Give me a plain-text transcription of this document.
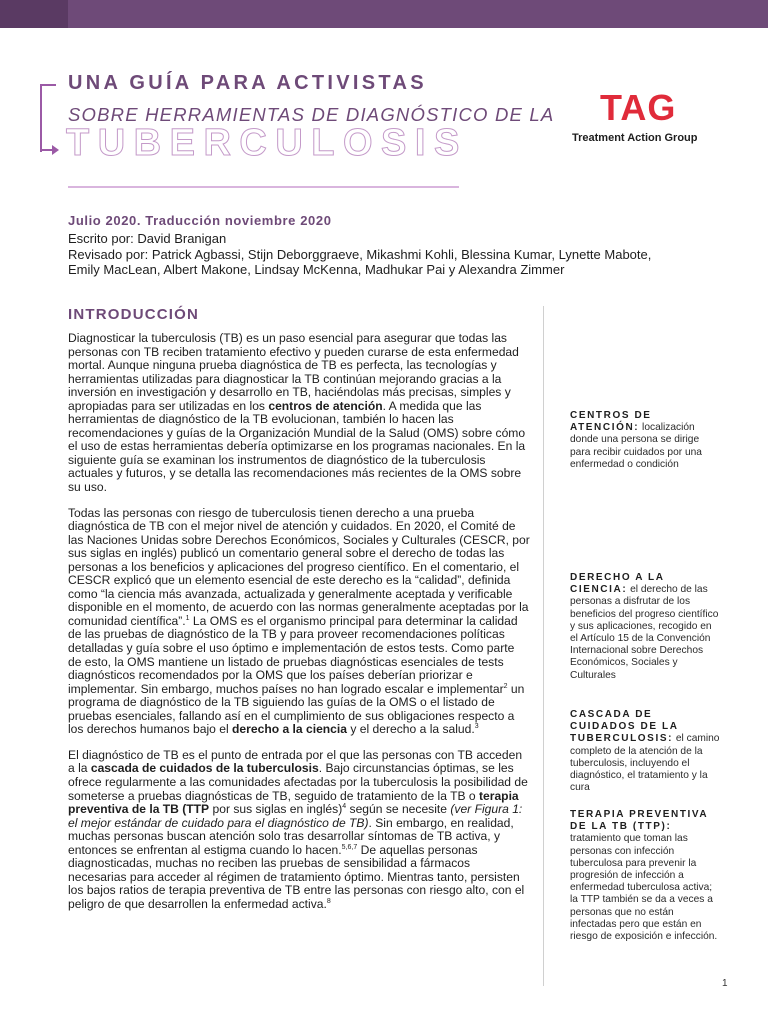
UNA GUÍA PARA ACTIVISTAS
SOBRE HERRAMIENTAS DE DIAGNÓSTICO DE LA
TUBERCULOSIS
TAG
Treatment Action Group
Julio 2020. Traducción noviembre 2020
Escrito por: David Branigan
Revisado por: Patrick Agbassi, Stijn Deborggraeve, Mikashmi Kohli, Blessina Kumar, Lynette Mabote,
Emily MacLean, Albert Makone, Lindsay McKenna, Madhukar Pai y Alexandra Zimmer
INTRODUCCIÓN

Diagnosticar la tuberculosis (TB) es un paso esencial para asegurar que todas las personas con TB reciben tratamiento efectivo y pueden curarse de esta enfermedad mortal. Aunque ninguna prueba diagnóstica de TB es perfecta, las tecnologías y herramientas utilizadas para diagnosticar la TB continúan mejorando gracias a la inversión en investigación y desarrollo en TB, haciéndolas más precisas, simples y apropiadas para ser utilizadas en los centros de atención. A medida que las herramientas de diagnóstico de la TB evolucionan, también lo hacen las recomendaciones y guías de la Organización Mundial de la Salud (OMS) sobre cómo el uso de estas herramientas debería optimizarse en los programas nacionales. En la siguiente guía se examinan los instrumentos de diagnóstico de la tuberculosis actuales y futuros, y se detalla las recomendaciones más recientes de la OMS sobre su uso.

Todas las personas con riesgo de tuberculosis tienen derecho a una prueba diagnóstica de TB con el mejor nivel de atención y cuidados. En 2020, el Comité de las Naciones Unidas sobre Derechos Económicos, Sociales y Culturales (CESCR, por sus siglas en inglés) publicó un comentario general sobre el derecho de todas las personas a los beneficios y aplicaciones del progreso científico. En el comentario, el CESCR explicó que un elemento esencial de este derecho es la “calidad”, definida como “la ciencia más avanzada, actualizada y generalmente aceptada y verificable disponible en el momento, de acuerdo con las normas generalmente aceptadas por la comunidad científica”.$^1$ La OMS es el organismo principal para determinar la calidad de las pruebas de diagnóstico de la TB y para proveer recomendaciones políticas detalladas y guía sobre el uso óptimo e implementación de estos tests. Como parte de esto, la OMS mantiene un listado de pruebas diagnósticas esenciales de tests diagnósticos recomendados por la OMS que los países deberían priorizar e implementar. Sin embargo, muchos países no han logrado escalar e implementar$^2$ un programa de diagnóstico de la TB siguiendo las guías de la OMS o el listado de pruebas esenciales, fallando así en el cumplimiento de sus obligaciones respecto a los derechos humanos bajo el derecho a la ciencia y el derecho a la salud.$^3$

El diagnóstico de TB es el punto de entrada por el que las personas con TB acceden a la cascada de cuidados de la tuberculosis. Bajo circunstancias óptimas, se les ofrece regularmente a las comunidades afectadas por la tuberculosis la posibilidad de someterse a pruebas diagnósticas de TB, seguido de tratamiento de la TB o terapia preventiva de la TB (TTP por sus siglas en inglés)$^4$ según se necesite (ver Figura 1: el mejor estándar de cuidado para el diagnóstico de TB). Sin embargo, en realidad, muchas personas buscan atención solo tras desarrollar síntomas de TB activa, y entonces se enfrentan al estigma cuando lo hacen.$^{5,6,7}$ De aquellas personas diagnosticadas, muchas no reciben las pruebas de sensibilidad a fármacos necesarias para acceder al régimen de tratamiento óptimo. Mientras tanto, persisten los bajos ratios de terapia preventiva de TB entre las personas con riesgo alto, con el peligro de que desarrollen la enfermedad activa.$^8$

CENTROS DE ATENCIÓN: localización donde una persona se dirige para recibir cuidados por una enfermedad o condición
DERECHO A LA CIENCIA: el derecho de las personas a disfrutar de los beneficios del progreso científico y sus aplicaciones, recogido en el Artículo 15 de la Convención Internacional sobre Derechos Económicos, Sociales y Culturales
CASCADA DE CUIDADOS DE LA TUBERCULOSIS: el camino completo de la atención de la tuberculosis, incluyendo el diagnóstico, el tratamiento y la cura
TERAPIA PREVENTIVA DE LA TB (TTP): tratamiento que toman las personas con infección tuberculosa para prevenir la progresión de infección a enfermedad tuberculosa activa; la TTP también se da a veces a personas que no están infectadas pero que están en riesgo de exposición e infección.
1
